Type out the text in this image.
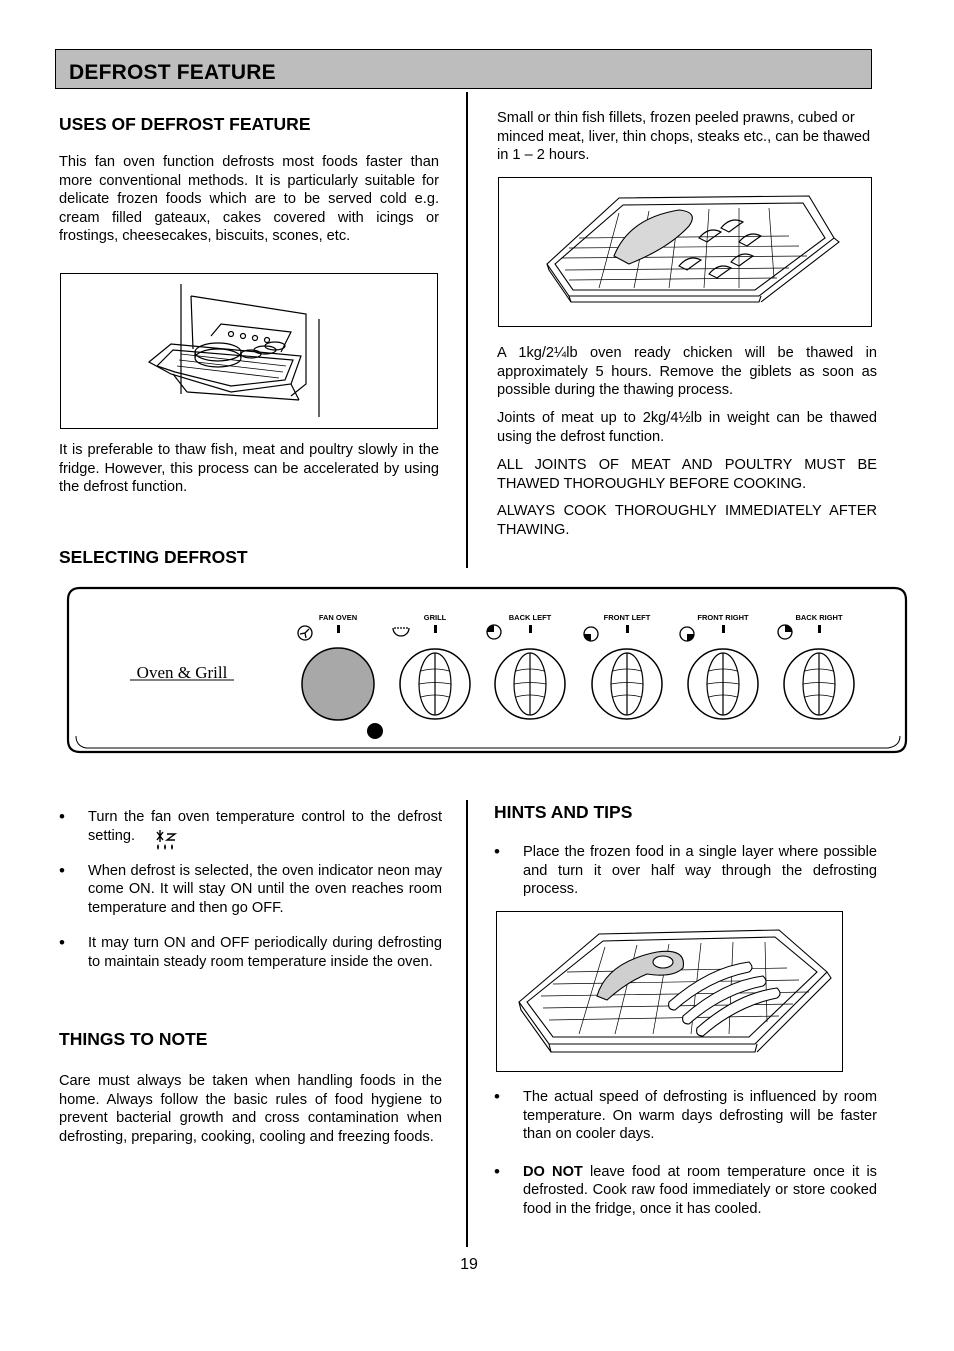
DEFROST FEATURE
USES OF DEFROST FEATURE
This fan oven function defrosts most foods faster than more conventional methods. It is particularly suitable for delicate frozen foods which are to be served cold e.g. cream filled gateaux, cakes covered with icings or frostings, cheesecakes, biscuits, scones, etc.
It is preferable to thaw fish, meat and poultry slowly in the fridge. However, this process can be accelerated by using the defrost function.
SELECTING DEFROST
Small or thin fish fillets, frozen peeled prawns, cubed or minced meat, liver, thin chops, steaks etc., can be thawed in 1 – 2 hours.
A 1kg/2¼lb oven ready chicken will be thawed in approximately 5 hours. Remove the giblets as soon as possible during the thawing process.
Joints of meat up to 2kg/4½lb in weight can be thawed using the defrost function.
ALL JOINTS OF MEAT AND POULTRY MUST BE THAWED THOROUGHLY BEFORE COOKING.
ALWAYS COOK THOROUGHLY IMMEDIATELY AFTER THAWING.
Oven & Grill
FAN OVEN	GRILL	BACK LEFT	FRONT LEFT	FRONT RIGHT	BACK RIGHT
• Turn the fan oven temperature control to the defrost setting.
• When defrost is selected, the oven indicator neon may come ON. It will stay ON until the oven reaches room temperature and then go OFF.
• It may turn ON and OFF periodically during defrosting to maintain steady room temperature inside the oven.
THINGS TO NOTE
Care must always be taken when handling foods in the home. Always follow the basic rules of food hygiene to prevent bacterial growth and cross contamination when defrosting, preparing, cooking, cooling and freezing foods.
HINTS AND TIPS
• Place the frozen food in a single layer where possible and turn it over half way through the defrosting process.
• The actual speed of defrosting is influenced by room temperature. On warm days defrosting will be faster than on cooler days.
• DO NOT leave food at room temperature once it is defrosted. Cook raw food immediately or store cooked food in the fridge, once it has cooled.
19
